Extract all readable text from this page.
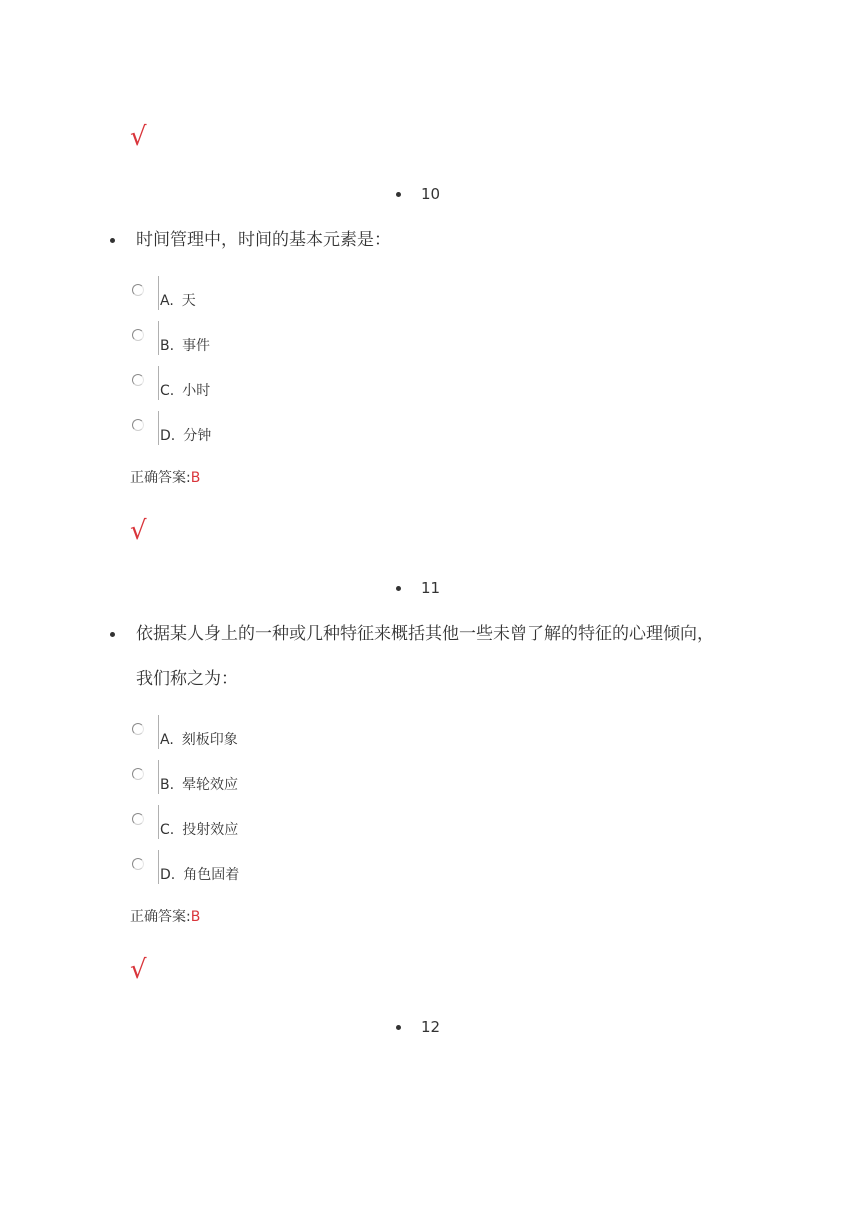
√
10
时间管理中，时间的基本元素是：
A. 天
B. 事件
C. 小时
D. 分钟
正确答案:B
√
11
依据某人身上的一种或几种特征来概括其他一些未曾了解的特征的心理倾向，
我们称之为：
A. 刻板印象
B. 晕轮效应
C. 投射效应
D. 角色固着
正确答案:B
√
12
